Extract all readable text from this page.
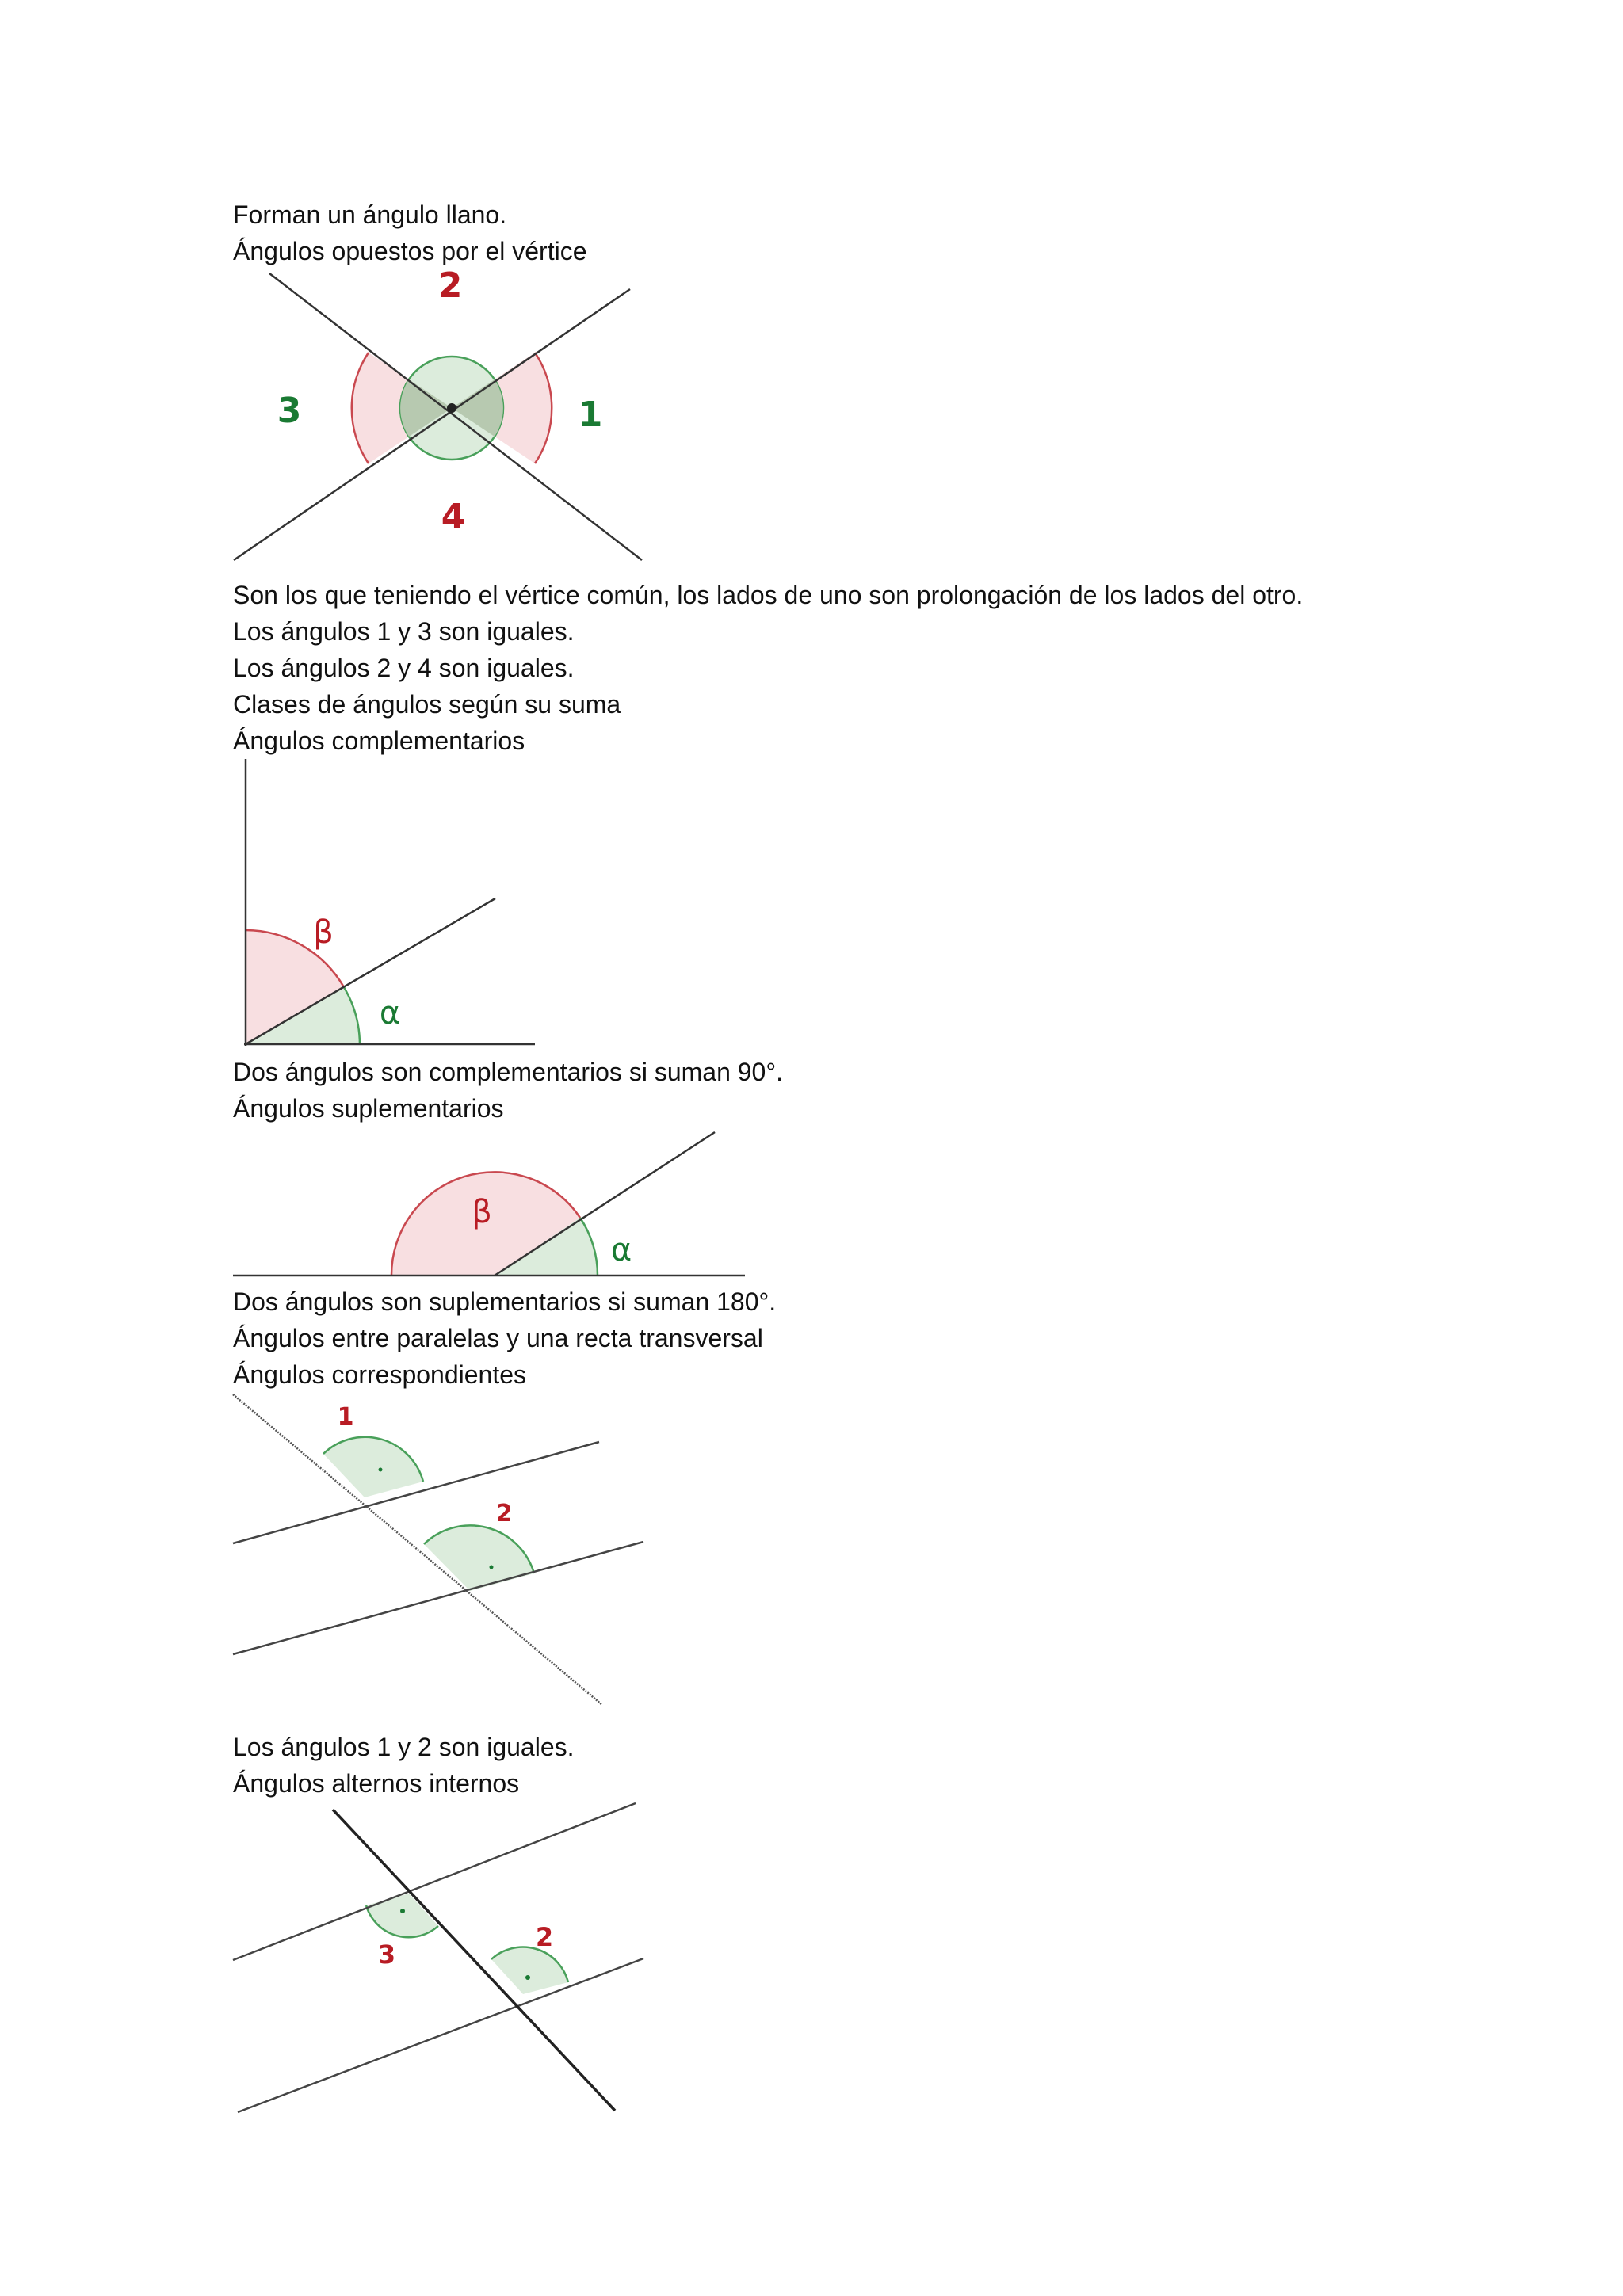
Forman un ángulo llano.
Ángulos opuestos por el vértice
2
3	1
4
Son los que teniendo el vértice común, los lados de uno son prolongación de los lados del otro.
Los ángulos 1 y 3 son iguales.
Los ángulos 2 y 4 son iguales.
Clases de ángulos según su suma
Ángulos complementarios
β
α
Dos ángulos son complementarios si suman 90°.
Ángulos suplementarios
β
α
Dos ángulos son suplementarios si suman 180°.
Ángulos entre paralelas y una recta transversal
Ángulos correspondientes
1
2
Los ángulos 1 y 2 son iguales.
Ángulos alternos internos
3
2
